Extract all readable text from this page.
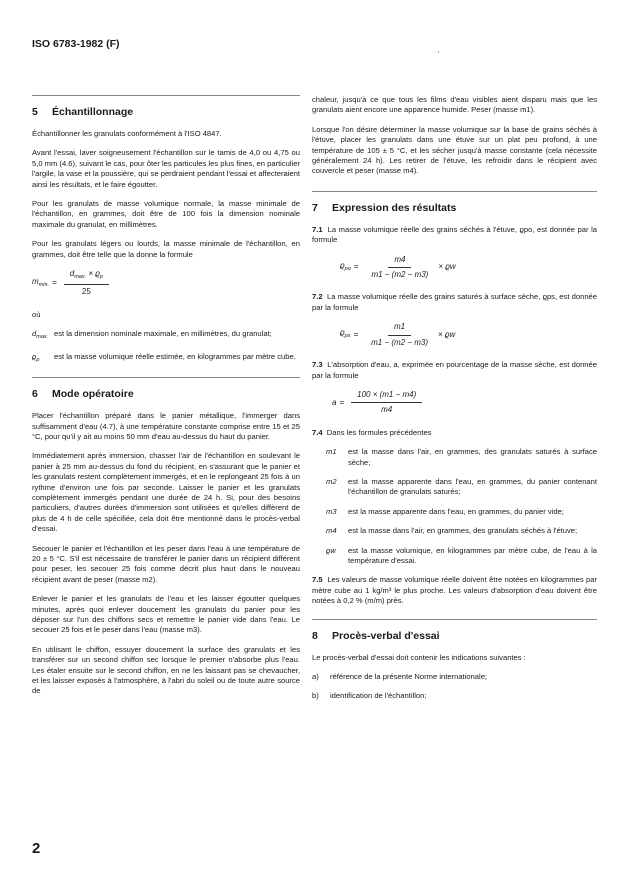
ISO 6783-1982 (F)
'
5 Échantillonnage

Échantillonner les granulats conformément à l'ISO 4847.

Avant l'essai, laver soigneusement l'échantillon sur le tamis de 4,0 ou 4,75 ou 5,0 mm (4.6), suivant le cas, pour ôter les particules les plus fines, en particulier l'argile, la vase et la poussière, qui se perdraient pendant l'essai et affecteraient ainsi les résultats, et le faire égoutter.

Pour les granulats de masse volumique normale, la masse minimale de l'échantillon, en grammes, doit être de 100 fois la dimension nominale maximale du granulat, en millimètres.

Pour les granulats légers ou lourds, la masse minimale de l'échantillon, en grammes, doit être telle que la donne la formule

$m_{min.} = \frac{d_{max.} \times ϱ_p}{25}$

où

$d_{max.}$ est la dimension nominale maximale, en millimètres, du granulat;
$ϱ_p$	est la masse volumique réelle estimée, en kilogrammes par mètre cube.
6 Mode opératoire

Placer l'échantillon préparé dans le panier métallique, l'immerger dans suffisamment d'eau (4.7), à une température constante comprise entre 15 et 25 °C, pour qu'il y ait au moins 50 mm d'eau au-dessus du haut du panier.

Immédiatement après immersion, chasser l'air de l'échantillon en soulevant le panier à 25 mm au-dessus du fond du récipient, en s'assurant que le panier et les granulats restent complètement immergés, et en le replongeant 25 fois à un rythme d'environ une fois par seconde. Laisser le panier et les granulats complètement immergés pendant une durée de 24 h. Si, pour des besoins particuliers, d'autres durées d'immersion sont utilisées et qu'elles diffèrent de plus de 4 h de celle spécifiée, cela doit être mentionné dans le procès-verbal d'essai.

Secouer le panier et l'échantillon et les peser dans l'eau à une température de 20 ± 5 °C. S'il est nécessaire de transférer le panier dans un récipient différent pour peser, les secouer 25 fois comme décrit plus haut dans le nouveau récipient avant de peser (masse m2).

Enlever le panier et les granulats de l'eau et les laisser égoutter quelques minutes, après quoi enlever doucement les granulats du panier pour les déposer sur l'un des chiffons secs et remettre le panier vide dans l'eau. Le secouer 25 fois et le peser dans l'eau (masse m3).

En utilisant le chiffon, essuyer doucement la surface des granulats et les transférer sur un second chiffon sec lorsque le premier n'absorbe plus l'eau. Les étaler ensuite sur le second chiffon, en ne les laissant pas se chevaucher, et les laisser exposés à l'atmosphère, à l'abri du soleil ou de toute autre source de

chaleur, jusqu'à ce que tous les films d'eau visibles aient disparu mais que les granulats aient encore une apparence humide. Peser (masse m1).

Lorsque l'on désire déterminer la masse volumique sur la base de grains séchés à l'étuve, placer les granulats dans une étuve sur un plat peu profond, à une température de 105 ± 5 °C, et les sécher jusqu'à masse constante (cela nécessite généralement 24 h). Les retirer de l'étuve, les refroidir dans le récipient avec couvercle et peser (masse m4).

7 Expression des résultats

7.1 La masse volumique réelle des grains séchés à l'étuve, ϱpo, est donnée par la formule

$ϱ_{po} = \frac{m4}{m1 - (m2 - m3)} \times ϱw$

7.2 La masse volumique réelle des grains saturés à surface sèche, ϱps, est donnée par la formule

$ϱ_{ps} = \frac{m1}{m1 - (m2 - m3)} \times ϱw$

7.3 L'absorption d'eau, a, exprimée en pourcentage de la masse sèche, est donnée par la formule

$a = \frac{100 \times (m1 - m4)}{m4}$

7.4 Dans les formules précédentes

m1	est la masse dans l'air, en grammes, des granulats saturés à surface sèche;
m2	est la masse apparente dans l'eau, en grammes, du panier contenant l'échantillon de granulats saturés;
m3	est la masse apparente dans l'eau, en grammes, du panier vide;
m4	est la masse dans l'air, en grammes, des granulats séchés à l'étuve;
ϱw	est la masse volumique, en kilogrammes par mètre cube, de l'eau à la température d'essai.

7.5 Les valeurs de masse volumique réelle doivent être notées en kilogrammes par mètre cube au 1 kg/m³ le plus proche. Les valeurs d'absorption d'eau doivent être notées à 0,2 % (m/m) près.

8 Procès-verbal d'essai

Le procès-verbal d'essai doit contenir les indications suivantes :

a)	référence de la présente Norme internationale;
b)	identification de l'échantillon;
2
